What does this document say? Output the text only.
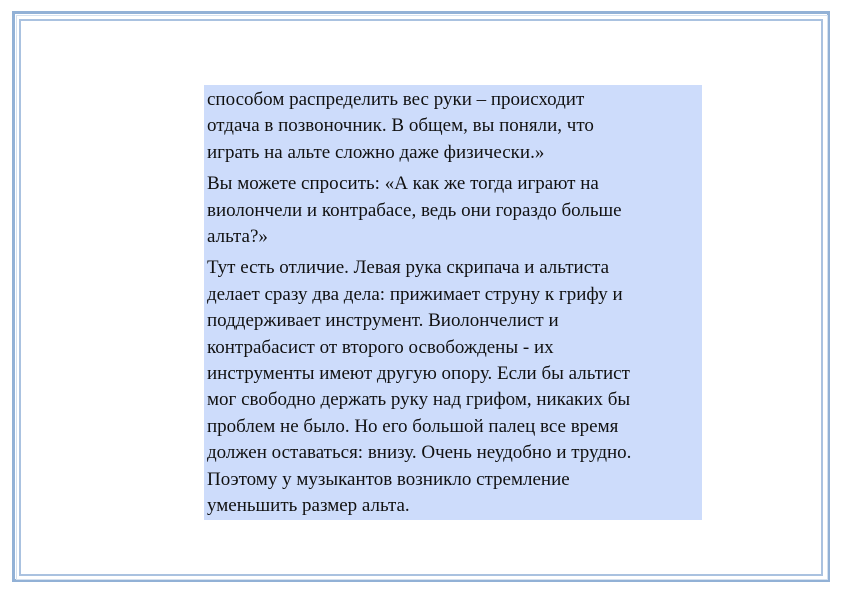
способом распределить вес руки – происходит
отдача в позвоночник. В общем, вы поняли, что
играть на альте сложно даже физически.»

Вы можете спросить: «А как же тогда играют на
виолончели и контрабасе, ведь они гораздо больше
альта?»

Тут есть отличие. Левая рука скрипача и альтиста
делает сразу два дела: прижимает струну к грифу и
поддерживает инструмент. Виолончелист и
контрабасист от второго освобождены - их
инструменты имеют другую опору. Если бы альтист
мог свободно держать руку над грифом, никаких бы
проблем не было. Но его большой палец все время
должен оставаться: внизу. Очень неудобно и трудно.
Поэтому у музыкантов возникло стремление
уменьшить размер альта.
